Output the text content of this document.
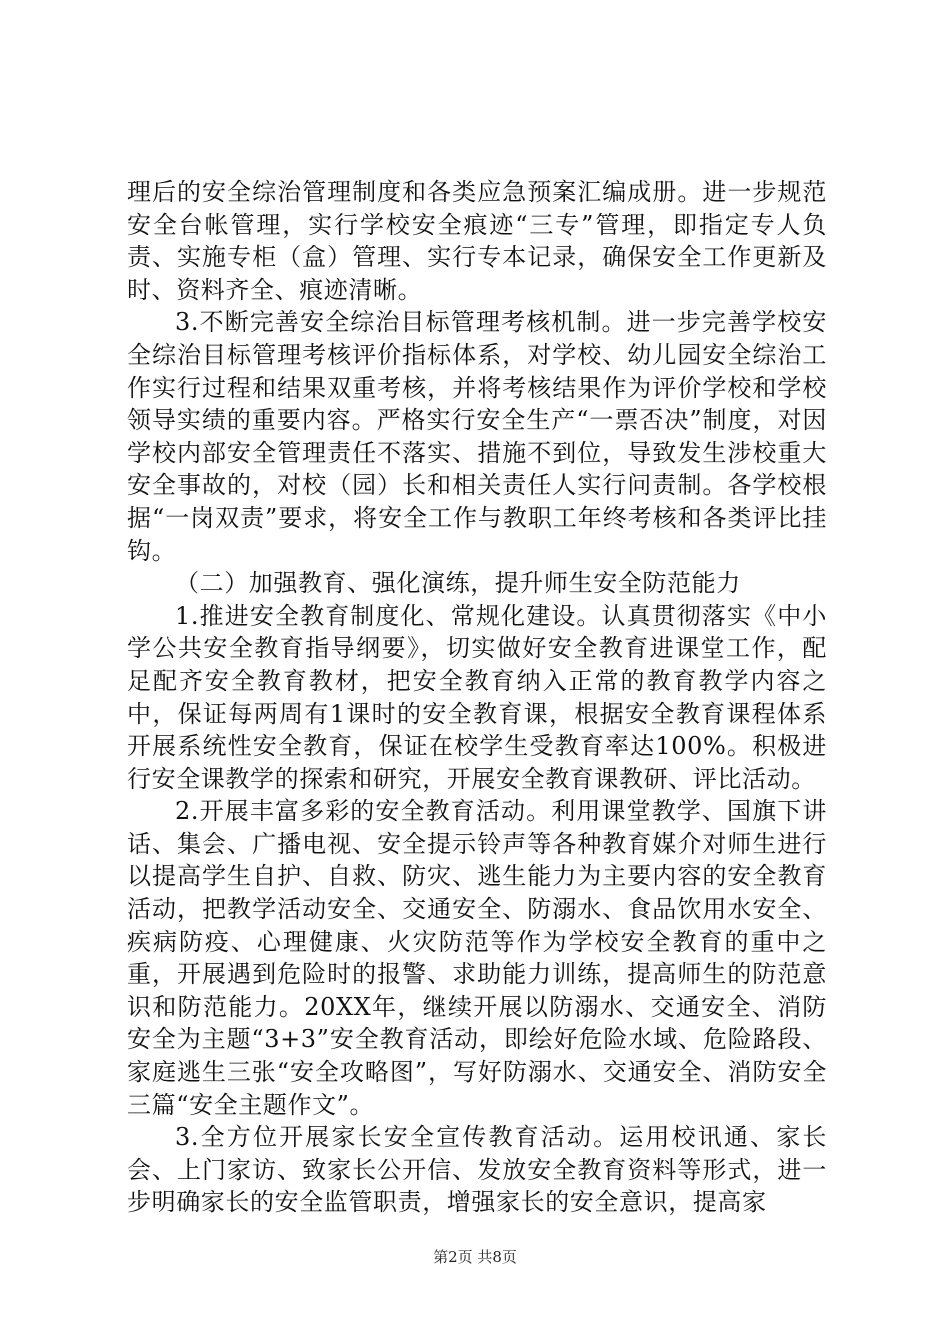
理后的安全综治管理制度和各类应急预案汇编成册。进一步规范安全台帐管理，实行学校安全痕迹“三专”管理，即指定专人负责、实施专柜（盒）管理、实行专本记录，确保安全工作更新及时、资料齐全、痕迹清晰。

3.不断完善安全综治目标管理考核机制。进一步完善学校安全综治目标管理考核评价指标体系，对学校、幼儿园安全综治工作实行过程和结果双重考核，并将考核结果作为评价学校和学校领导实绩的重要内容。严格实行安全生产“一票否决”制度，对因学校内部安全管理责任不落实、措施不到位，导致发生涉校重大安全事故的，对校（园）长和相关责任人实行问责制。各学校根据“一岗双责”要求，将安全工作与教职工年终考核和各类评比挂钩。

（二）加强教育、强化演练，提升师生安全防范能力

1.推进安全教育制度化、常规化建设。认真贯彻落实《中小学公共安全教育指导纲要》，切实做好安全教育进课堂工作，配足配齐安全教育教材，把安全教育纳入正常的教育教学内容之中，保证每两周有1课时的安全教育课，根据安全教育课程体系开展系统性安全教育，保证在校学生受教育率达100%。积极进行安全课教学的探索和研究，开展安全教育课教研、评比活动。

2.开展丰富多彩的安全教育活动。利用课堂教学、国旗下讲话、集会、广播电视、安全提示铃声等各种教育媒介对师生进行以提高学生自护、自救、防灾、逃生能力为主要内容的安全教育活动，把教学活动安全、交通安全、防溺水、食品饮用水安全、疾病防疫、心理健康、火灾防范等作为学校安全教育的重中之重，开展遇到危险时的报警、求助能力训练，提高师生的防范意识和防范能力。20XX年，继续开展以防溺水、交通安全、消防安全为主题“3+3”安全教育活动，即绘好危险水域、危险路段、家庭逃生三张“安全攻略图”，写好防溺水、交通安全、消防安全三篇“安全主题作文”。

3.全方位开展家长安全宣传教育活动。运用校讯通、家长会、上门家访、致家长公开信、发放安全教育资料等形式，进一步明确家长的安全监管职责，增强家长的安全意识，提高家

第2页 共8页
